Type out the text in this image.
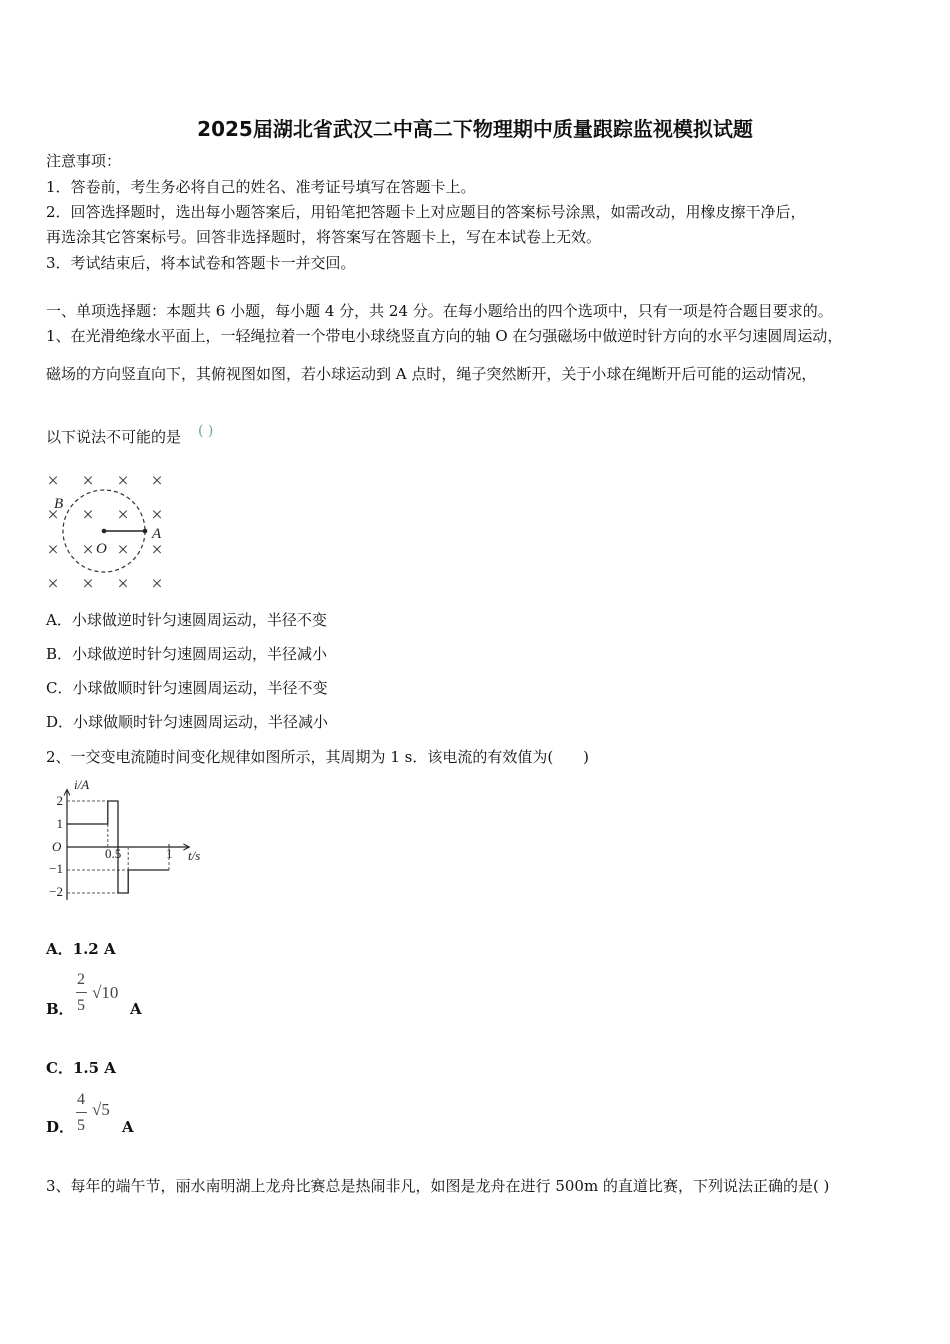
2025届湖北省武汉二中高二下物理期中质量跟踪监视模拟试题
注意事项：
1．答卷前，考生务必将自己的姓名、准考证号填写在答题卡上。
2．回答选择题时，选出每小题答案后，用铅笔把答题卡上对应题目的答案标号涂黑，如需改动，用橡皮擦干净后，
再选涂其它答案标号。回答非选择题时，将答案写在答题卡上，写在本试卷上无效。
3．考试结束后，将本试卷和答题卡一并交回。
一、单项选择题：本题共 6 小题，每小题 4 分，共 24 分。在每小题给出的四个选项中，只有一项是符合题目要求的。
1、在光滑绝缘水平面上，一轻绳拉着一个带电小球绕竖直方向的轴 O 在匀强磁场中做逆时针方向的水平匀速圆周运动，
磁场的方向竖直向下，其俯视图如图，若小球运动到 A 点时，绳子突然断开，关于小球在绳断开后可能的运动情况，
以下说法不可能的是 ( )
× × × ×
× × × ×
× × × ×
× × × ×
B
O
A
A．小球做逆时针匀速圆周运动，半径不变
B．小球做逆时针匀速圆周运动，半径减小
C．小球做顺时针匀速圆周运动，半径不变
D．小球做顺时针匀速圆周运动，半径减小
2、一交变电流随时间变化规律如图所示，其周期为 1 s．该电流的有效值为(　　)
i/A
t/s
O
2
1
−1
−2
0.5	1
A．1.2 A
B．
2
5
√10
A
C．1.5 A
D．
4
5
√5
A
3、每年的端午节，丽水南明湖上龙舟比赛总是热闹非凡，如图是龙舟在进行 500m 的直道比赛，下列说法正确的是( )
